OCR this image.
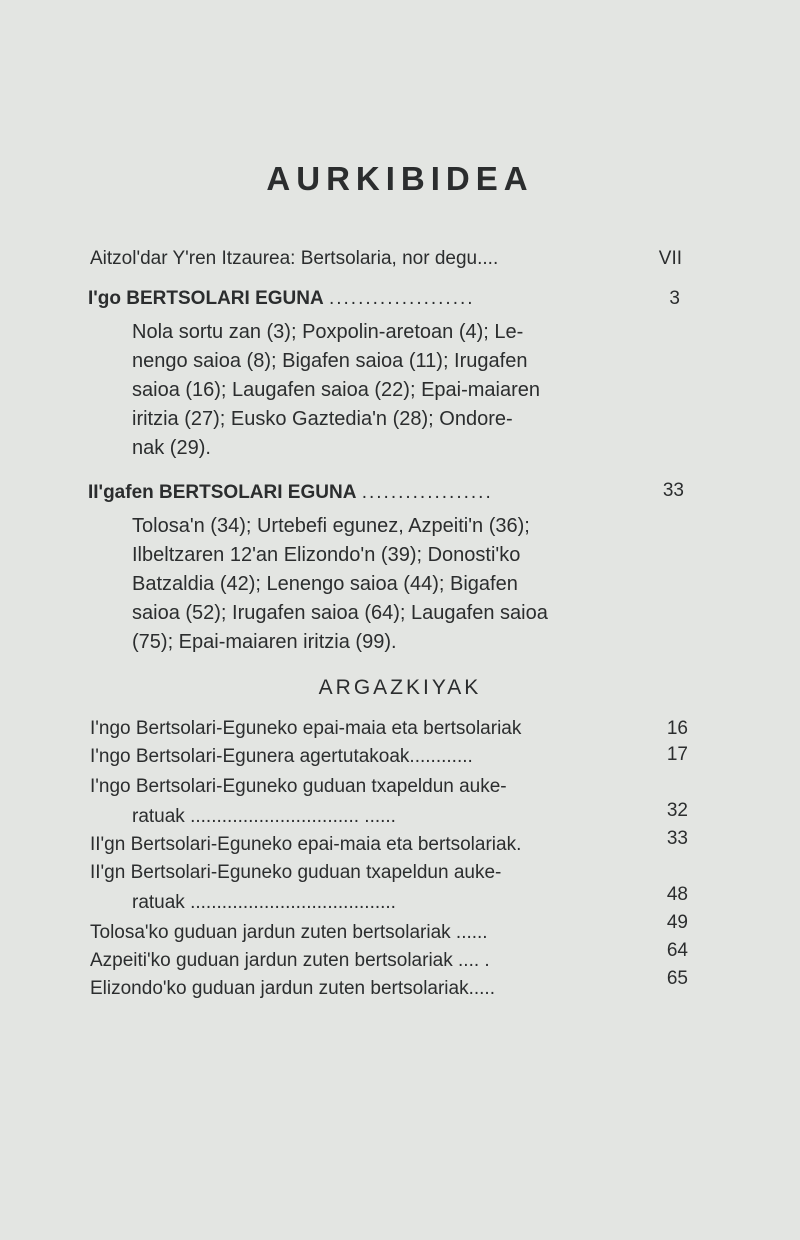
AURKIBIDEA
Aitzol'dar Y'ren Itzaurea: Bertsolaria, nor degu....	VII
I'go BERTSOLARI EGUNA ....................	3
Nola sortu zan (3); Poxpolin-aretoan (4); Le-
nengo saioa (8); Bigafen saioa (11); Irugafen
saioa (16); Laugafen saioa (22); Epai-maiaren
iritzia (27); Eusko Gaztedia'n (28); Ondore-
nak (29).
II'gafen BERTSOLARI EGUNA ..................	33
Tolosa'n (34); Urtebefi egunez, Azpeiti'n (36);
Ilbeltzaren 12'an Elizondo'n (39); Donosti'ko
Batzaldia (42); Lenengo saioa (44); Bigafen
saioa (52); Irugafen saioa (64); Laugafen saioa
(75); Epai-maiaren iritzia (99).
ARGAZKIYAK
I'ngo Bertsolari-Eguneko epai-maia eta bertsolariak	16
I'ngo Bertsolari-Egunera agertutakoak............	17
I'ngo Bertsolari-Eguneko guduan txapeldun auke-
ratuak ................................ ......	32
II'gn Bertsolari-Eguneko epai-maia eta bertsolariak.	33
II'gn Bertsolari-Eguneko guduan txapeldun auke-
ratuak .......................................	48
Tolosa'ko guduan jardun zuten bertsolariak ......	49
Azpeiti'ko guduan jardun zuten bertsolariak .... .	64
Elizondo'ko guduan jardun zuten bertsolariak.....	65
